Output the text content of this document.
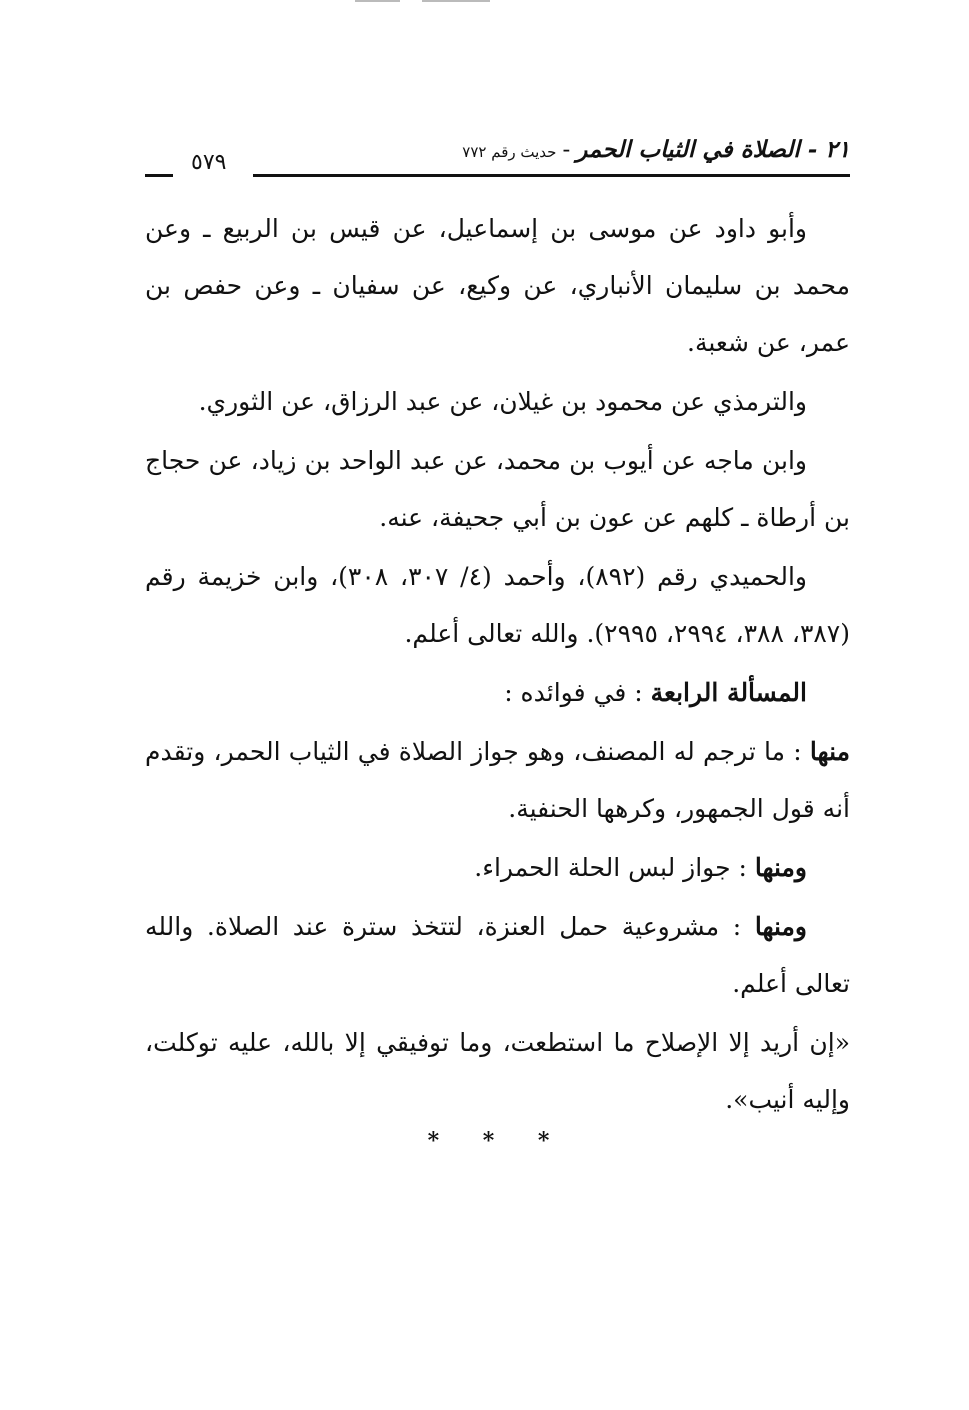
٢١ - الصلاة في الثياب الحمر-حديث رقم ٧٧٢
٥٧٩

وأبو داود عن موسى بن إسماعيل، عن قيس بن الربيع ـ وعن محمد بن سليمان الأنباري، عن وكيع، عن سفيان ـ وعن حفص بن عمر، عن شعبة.

والترمذي عن محمود بن غيلان، عن عبد الرزاق، عن الثوري.

وابن ماجه عن أيوب بن محمد، عن عبد الواحد بن زياد، عن حجاج بن أرطاة ـ كلهم عن عون بن أبي جحيفة، عنه.

والحميدي رقم (٨٩٢)، وأحمد (٤/ ٣٠٧، ٣٠٨)، وابن خزيمة رقم (٣٨٧، ٣٨٨، ٢٩٩٤، ٢٩٩٥). والله تعالى أعلم.

المسألة الرابعة : في فوائده :

منها : ما ترجم له المصنف، وهو جواز الصلاة في الثياب الحمر، وتقدم أنه قول الجمهور، وكرهها الحنفية.

ومنها : جواز لبس الحلة الحمراء.

ومنها : مشروعية حمل العنزة، لتتخذ سترة عند الصلاة. والله تعالى أعلم.

«إن أريد إلا الإصلاح ما استطعت، وما توفيقي إلا بالله، عليه توكلت، وإليه أنيب».

* * *
